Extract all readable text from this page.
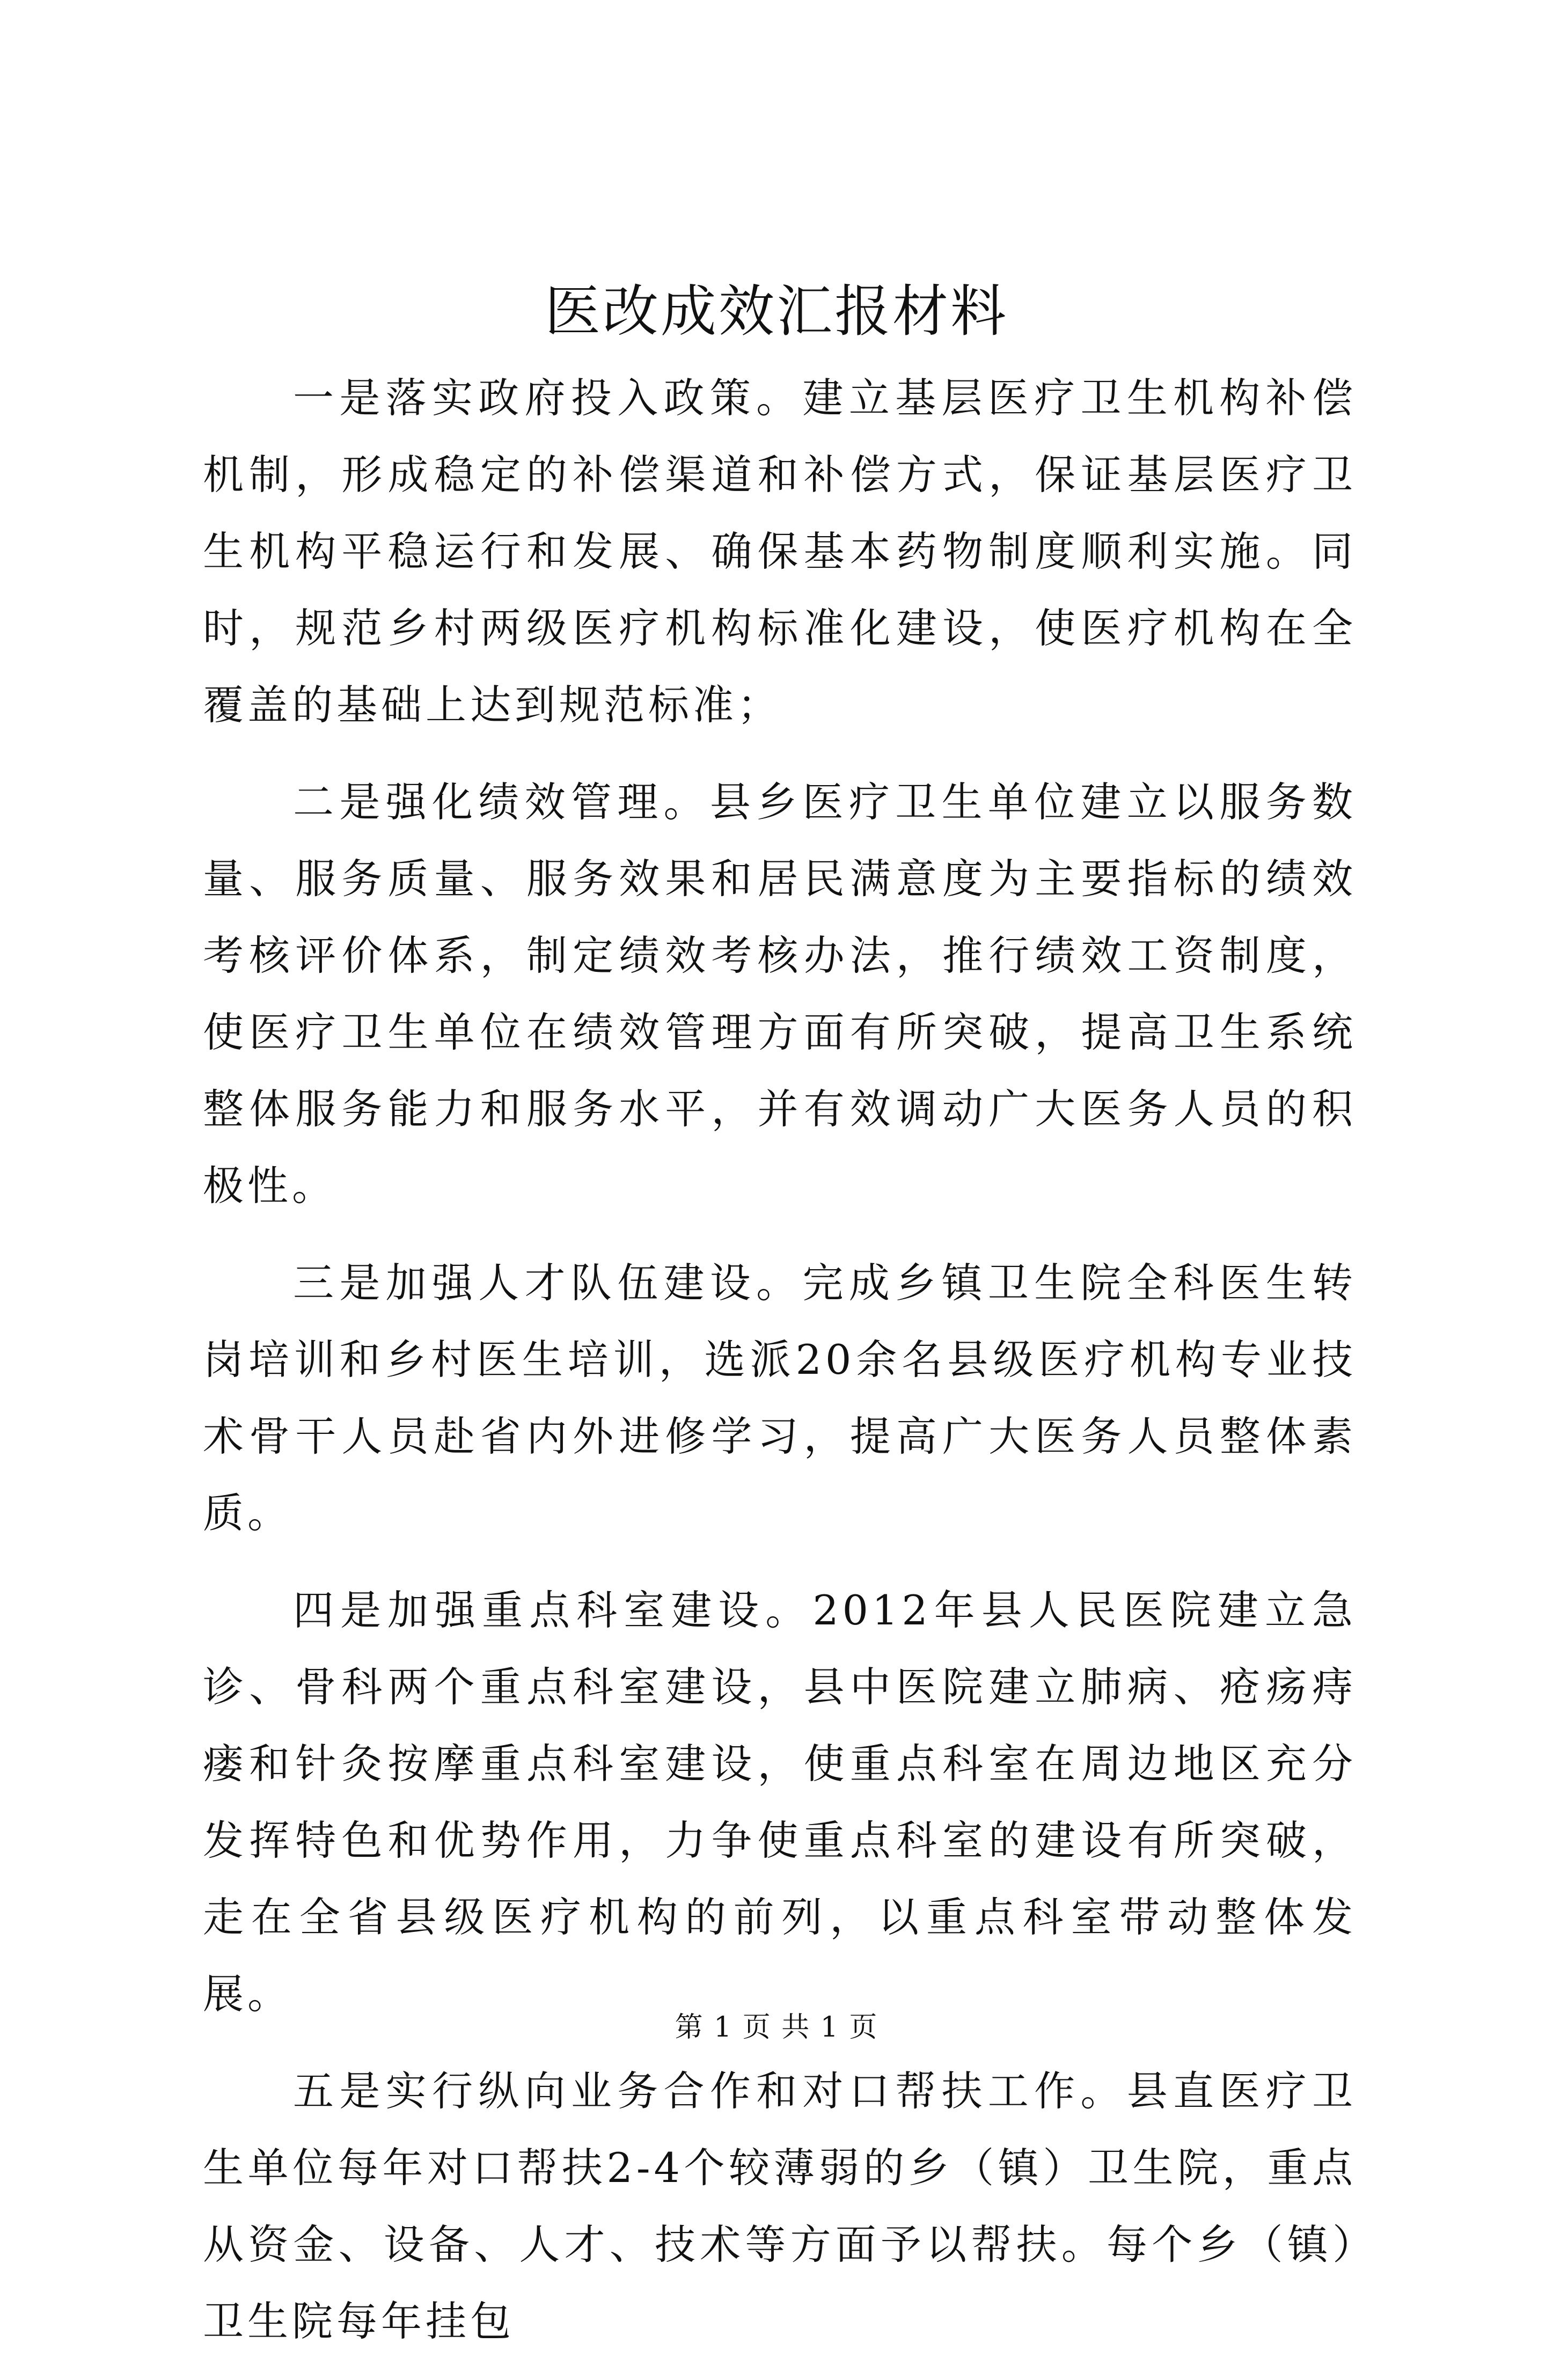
医改成效汇报材料

一是落实政府投入政策。建立基层医疗卫生机构补偿机制，形成稳定的补偿渠道和补偿方式，保证基层医疗卫生机构平稳运行和发展、确保基本药物制度顺利实施。同时，规范乡村两级医疗机构标准化建设，使医疗机构在全覆盖的基础上达到规范标准；

二是强化绩效管理。县乡医疗卫生单位建立以服务数量、服务质量、服务效果和居民满意度为主要指标的绩效考核评价体系，制定绩效考核办法，推行绩效工资制度，使医疗卫生单位在绩效管理方面有所突破，提高卫生系统整体服务能力和服务水平，并有效调动广大医务人员的积极性。

三是加强人才队伍建设。完成乡镇卫生院全科医生转岗培训和乡村医生培训，选派20余名县级医疗机构专业技术骨干人员赴省内外进修学习，提高广大医务人员整体素质。

四是加强重点科室建设。2012年县人民医院建立急诊、骨科两个重点科室建设，县中医院建立肺病、疮疡痔瘘和针灸按摩重点科室建设，使重点科室在周边地区充分发挥特色和优势作用，力争使重点科室的建设有所突破，走在全省县级医疗机构的前列，以重点科室带动整体发展。

五是实行纵向业务合作和对口帮扶工作。县直医疗卫生单位每年对口帮扶2-4个较薄弱的乡（镇）卫生院，重点从资金、设备、人才、技术等方面予以帮扶。每个乡（镇）卫生院每年挂包

第 1 页 共 1 页
